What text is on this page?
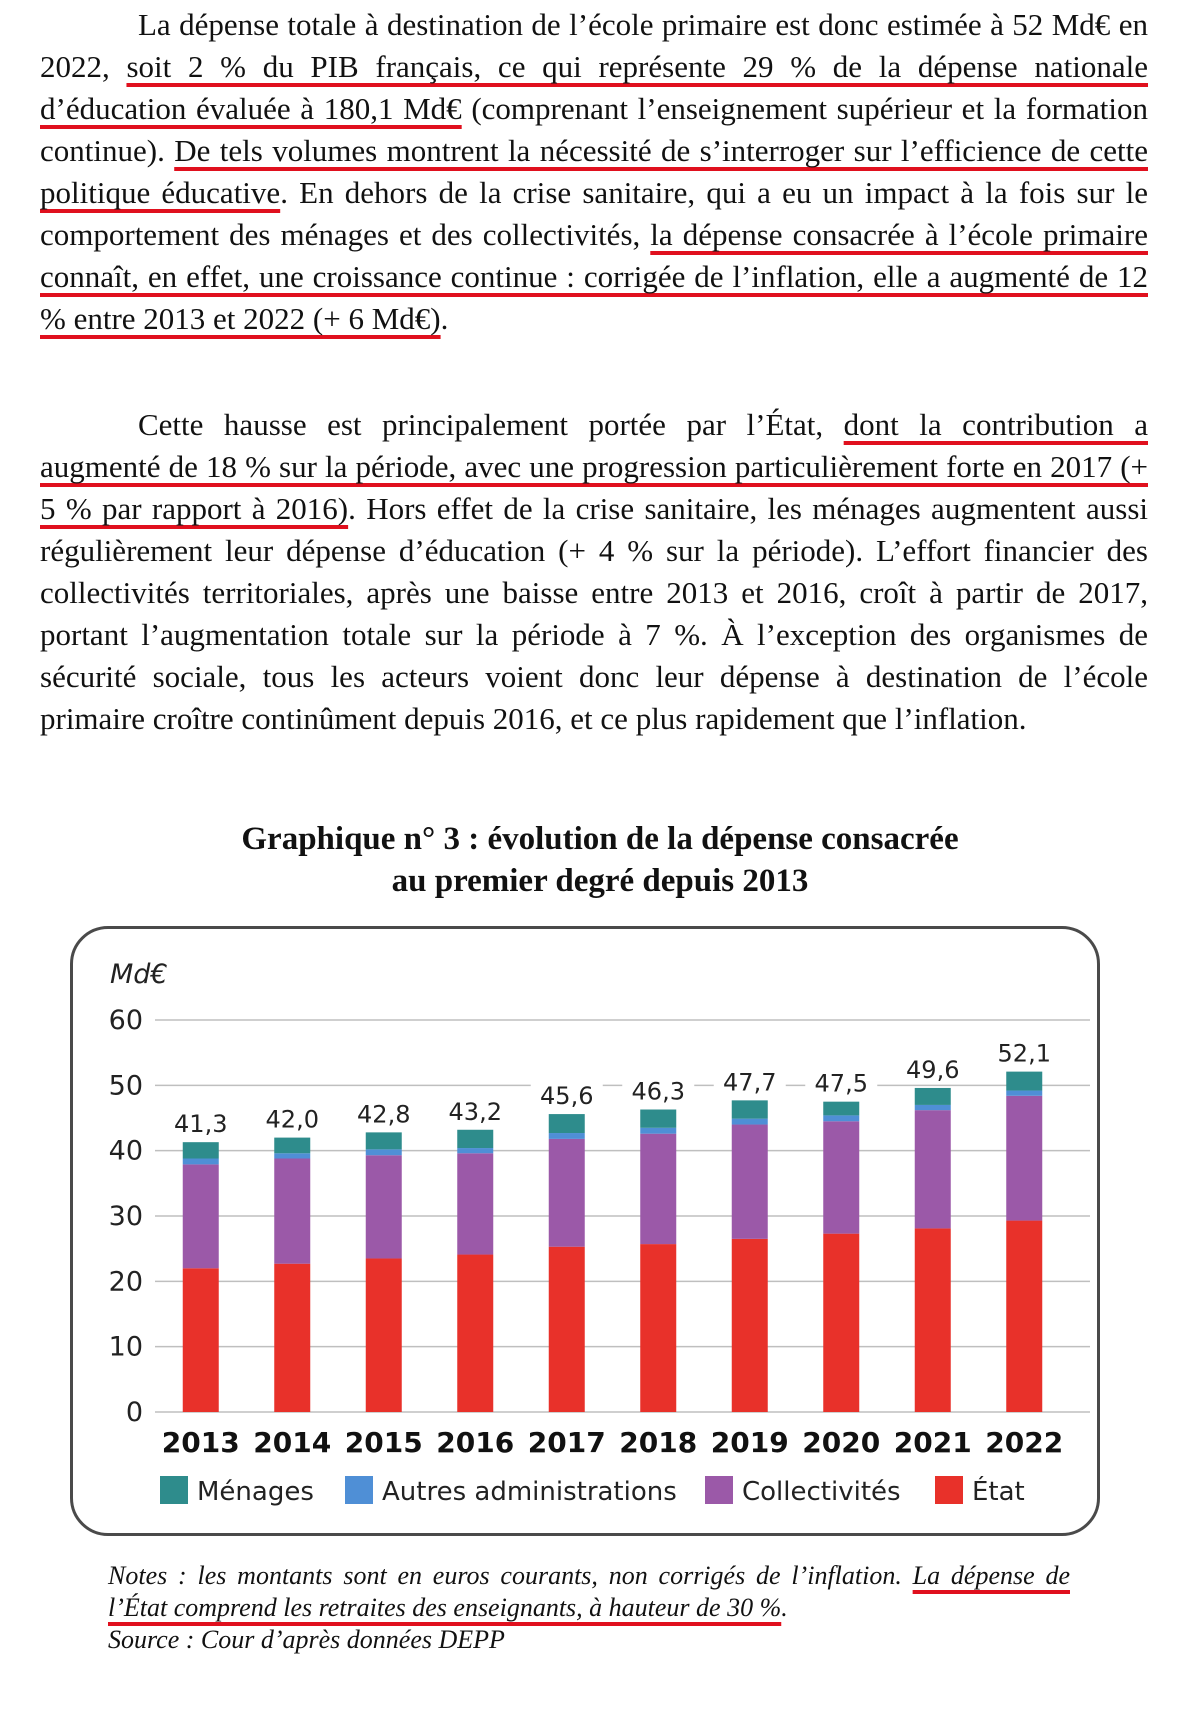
La dépense totale à destination de l’école primaire est donc estimée à 52 Md€ en 2022, soit 2 % du PIB français, ce qui représente 29 % de la dépense nationale d’éducation évaluée à 180,1 Md€ (comprenant l’enseignement supérieur et la formation continue). De tels volumes montrent la nécessité de s’interroger sur l’efficience de cette politique éducative. En dehors de la crise sanitaire, qui a eu un impact à la fois sur le comportement des ménages et des collectivités, la dépense consacrée à l’école primaire connaît, en effet, une croissance continue : corrigée de l’inflation, elle a augmenté de 12 % entre 2013 et 2022 (+ 6 Md€).

Cette hausse est principalement portée par l’État, dont la contribution a augmenté de 18 % sur la période, avec une progression particulièrement forte en 2017 (+ 5 % par rapport à 2016). Hors effet de la crise sanitaire, les ménages augmentent aussi régulièrement leur dépense d’éducation (+ 4 % sur la période). L’effort financier des collectivités territoriales, après une baisse entre 2013 et 2016, croît à partir de 2017, portant l’augmentation totale sur la période à 7 %. À l’exception des organismes de sécurité sociale, tous les acteurs voient donc leur dépense à destination de l’école primaire croître continûment depuis 2016, et ce plus rapidement que l’inflation.

Graphique n° 3 : évolution de la dépense consacrée
au premier degré depuis 2013
Md€
0
10
20
30
40
50
60
41,3
2013
42,0
2014
42,8
2015
43,2
2016
45,6
2017
46,3
2018
47,7
2019
47,5
2020
49,6
2021
52,1
2022
Ménages	Autres administrations	Collectivités	État

Notes : les montants sont en euros courants, non corrigés de l’inflation. La dépense de l’État comprend les retraites des enseignants, à hauteur de 30 %.

Source : Cour d’après données DEPP
